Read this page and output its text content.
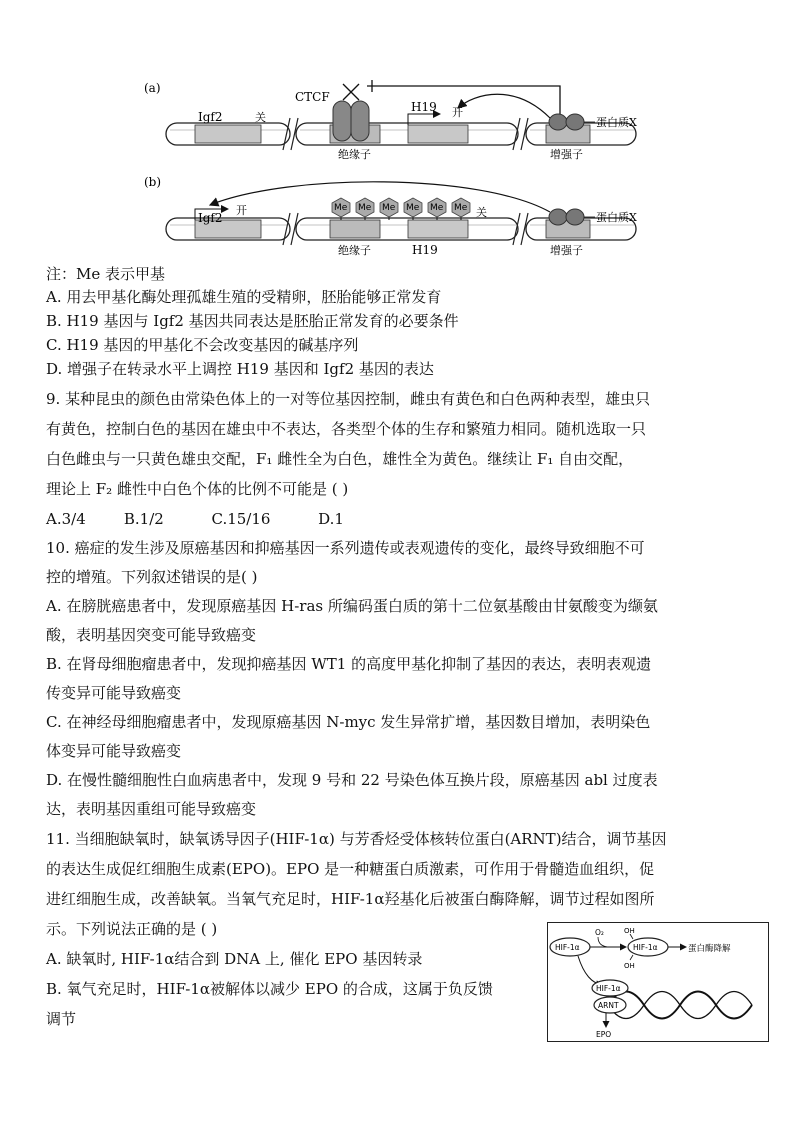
(a)
Igf2	关
CTCF
绝缘子
H19 开
蛋白质X
增强子
(b)
Igf2
开	Me Me Me Me Me Me 关
绝缘子	H19
蛋白质X
增强子
注：Me 表示甲基
A. 用去甲基化酶处理孤雄生殖的受精卵，胚胎能够正常发育
B. H19 基因与 Igf2 基因共同表达是胚胎正常发育的必要条件
C. H19 基因的甲基化不会改变基因的碱基序列
D. 增强子在转录水平上调控 H19 基因和 Igf2 基因的表达
9. 某种昆虫的颜色由常染色体上的一对等位基因控制，雌虫有黄色和白色两种表型，雄虫只
有黄色，控制白色的基因在雄虫中不表达，各类型个体的生存和繁殖力相同。随机选取一只
白色雌虫与一只黄色雄虫交配，F₁ 雌性全为白色，雄性全为黄色。继续让 F₁ 自由交配，
理论上 F₂ 雌性中白色个体的比例不可能是 ( )
A.3/4        B.1/2          C.15/16          D.1
10. 癌症的发生涉及原癌基因和抑癌基因一系列遗传或表观遗传的变化，最终导致细胞不可
控的增殖。下列叙述错误的是( )
A. 在膀胱癌患者中，发现原癌基因 H-ras 所编码蛋白质的第十二位氨基酸由甘氨酸变为缬氨
酸，表明基因突变可能导致癌变
B. 在肾母细胞瘤患者中，发现抑癌基因 WT1 的高度甲基化抑制了基因的表达，表明表观遗
传变异可能导致癌变
C. 在神经母细胞瘤患者中，发现原癌基因 N-myc 发生异常扩增，基因数目增加，表明染色
体变异可能导致癌变
D. 在慢性髓细胞性白血病患者中，发现 9 号和 22 号染色体互换片段，原癌基因 abl 过度表
达，表明基因重组可能导致癌变
11. 当细胞缺氧时，缺氧诱导因子(HIF-1α) 与芳香烃受体核转位蛋白(ARNT)结合，调节基因
的表达生成促红细胞生成素(EPO)。EPO 是一种糖蛋白质激素，可作用于骨髓造血组织，促
进红细胞生成，改善缺氧。当氧气充足时，HIF-1α羟基化后被蛋白酶降解，调节过程如图所
示。下列说法正确的是 ( )
A. 缺氧时, HIF-1α结合到 DNA 上, 催化 EPO 基因转录
B. 氧气充足时，HIF-1α被解体以减少 EPO 的合成，这属于负反馈
调节
HIF-1α
O₂
HIF-1α
OH
OH
蛋白酶降解
HIF-1α
ARNT
EPO
